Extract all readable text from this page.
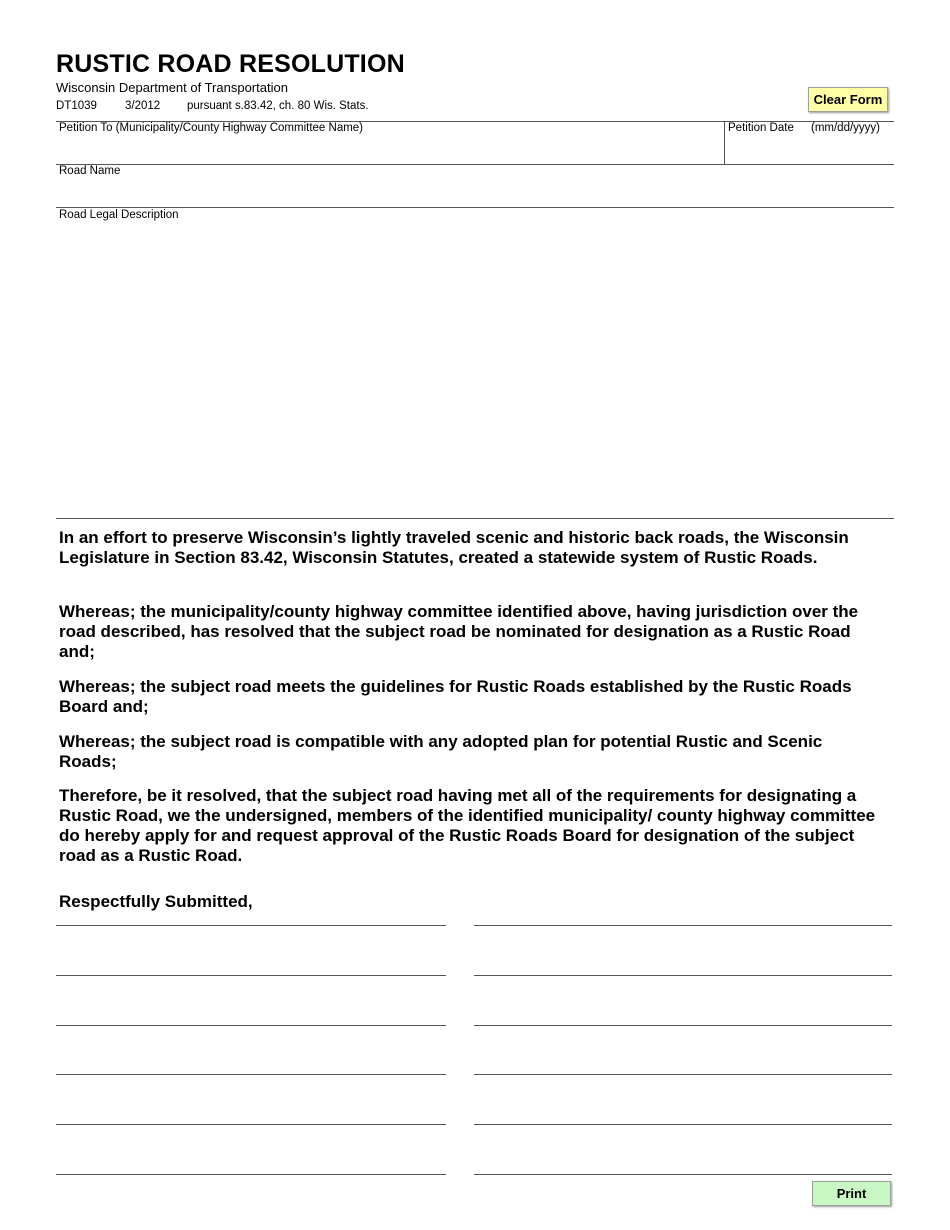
RUSTIC ROAD RESOLUTION
Wisconsin Department of Transportation
DT1039 3/2012 pursuant s.83.42, ch. 80 Wis. Stats.	Clear Form
Petition To (Municipality/County Highway Committee Name)	Petition Date (mm/dd/yyyy)
Road Name
Road Legal Description

In an effort to preserve Wisconsin’s lightly traveled scenic and historic back roads, the Wisconsin Legislature in Section 83.42, Wisconsin Statutes, created a statewide system of Rustic Roads.

Whereas; the municipality/county highway committee identified above, having jurisdiction over the road described, has resolved that the subject road be nominated for designation as a Rustic Road and;

Whereas; the subject road meets the guidelines for Rustic Roads established by the Rustic Roads Board and;

Whereas; the subject road is compatible with any adopted plan for potential Rustic and Scenic Roads;

Therefore, be it resolved, that the subject road having met all of the requirements for designating a Rustic Road, we the undersigned, members of the identified municipality/ county highway committee do hereby apply for and request approval of the Rustic Roads Board for designation of the subject road as a Rustic Road.

Respectfully Submitted,

Print
